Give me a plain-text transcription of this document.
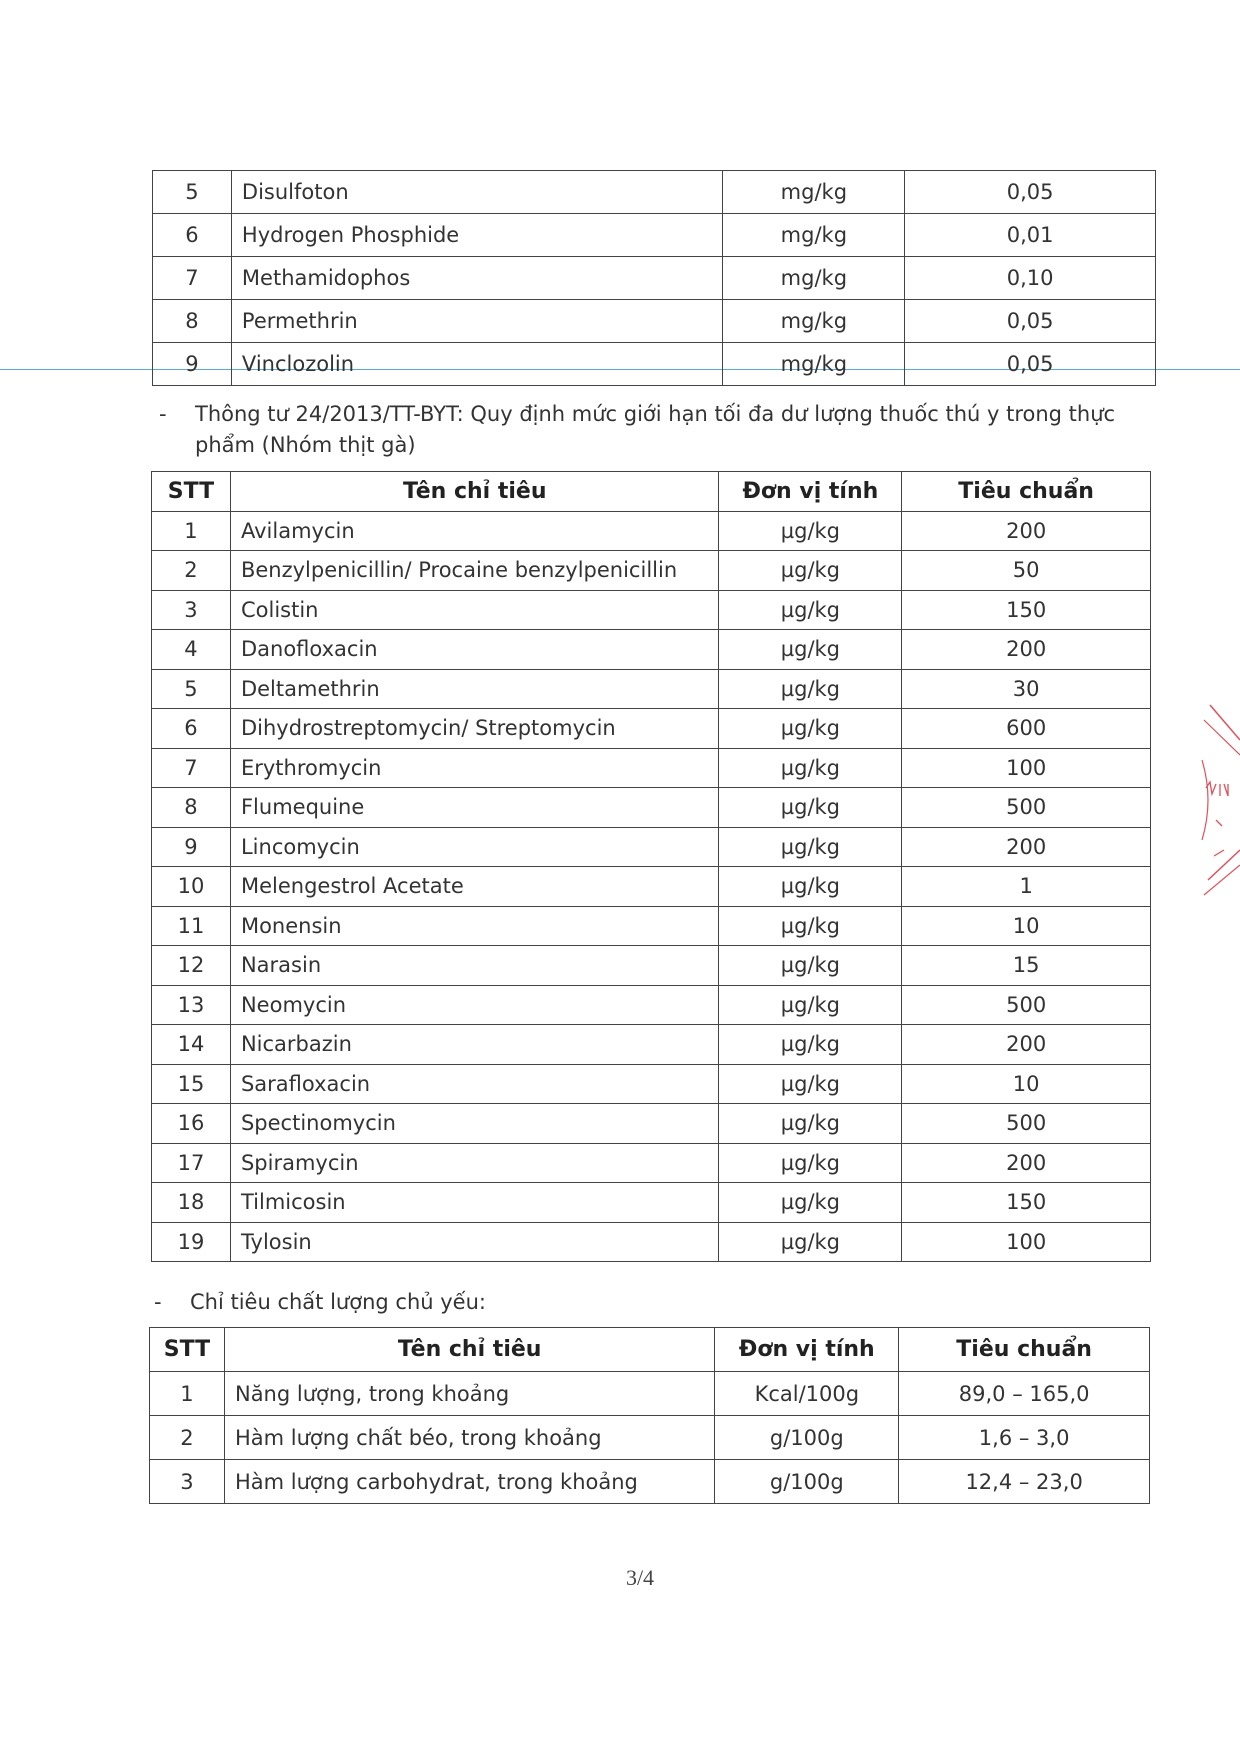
5	Disulfoton	mg/kg	0,05
6	Hydrogen Phosphide	mg/kg	0,01
7	Methamidophos	mg/kg	0,10
8	Permethrin	mg/kg	0,05
9	Vinclozolin	mg/kg	0,05
- Thông tư 24/2013/TT-BYT: Quy định mức giới hạn tối đa dư lượng thuốc thú y trong thực phẩm (Nhóm thịt gà)
STT	Tên chỉ tiêu	Đơn vị tính	Tiêu chuẩn
1	Avilamycin	µg/kg	200
2	Benzylpenicillin/ Procaine benzylpenicillin	µg/kg	50
3	Colistin	µg/kg	150
4	Danofloxacin	µg/kg	200
5	Deltamethrin	µg/kg	30
6	Dihydrostreptomycin/ Streptomycin	µg/kg	600
7	Erythromycin	µg/kg	100
8	Flumequine	µg/kg	500
9	Lincomycin	µg/kg	200
10	Melengestrol Acetate	µg/kg	1
11	Monensin	µg/kg	10
12	Narasin	µg/kg	15
13	Neomycin	µg/kg	500
14	Nicarbazin	µg/kg	200
15	Sarafloxacin	µg/kg	10
16	Spectinomycin	µg/kg	500
17	Spiramycin	µg/kg	200
18	Tilmicosin	µg/kg	150
19	Tylosin	µg/kg	100
- Chỉ tiêu chất lượng chủ yếu:
STT	Tên chỉ tiêu	Đơn vị tính	Tiêu chuẩn
1	Năng lượng, trong khoảng	Kcal/100g	89,0 – 165,0
2	Hàm lượng chất béo, trong khoảng	g/100g	1,6 – 3,0
3	Hàm lượng carbohydrat, trong khoảng	g/100g	12,4 – 23,0
3/4
